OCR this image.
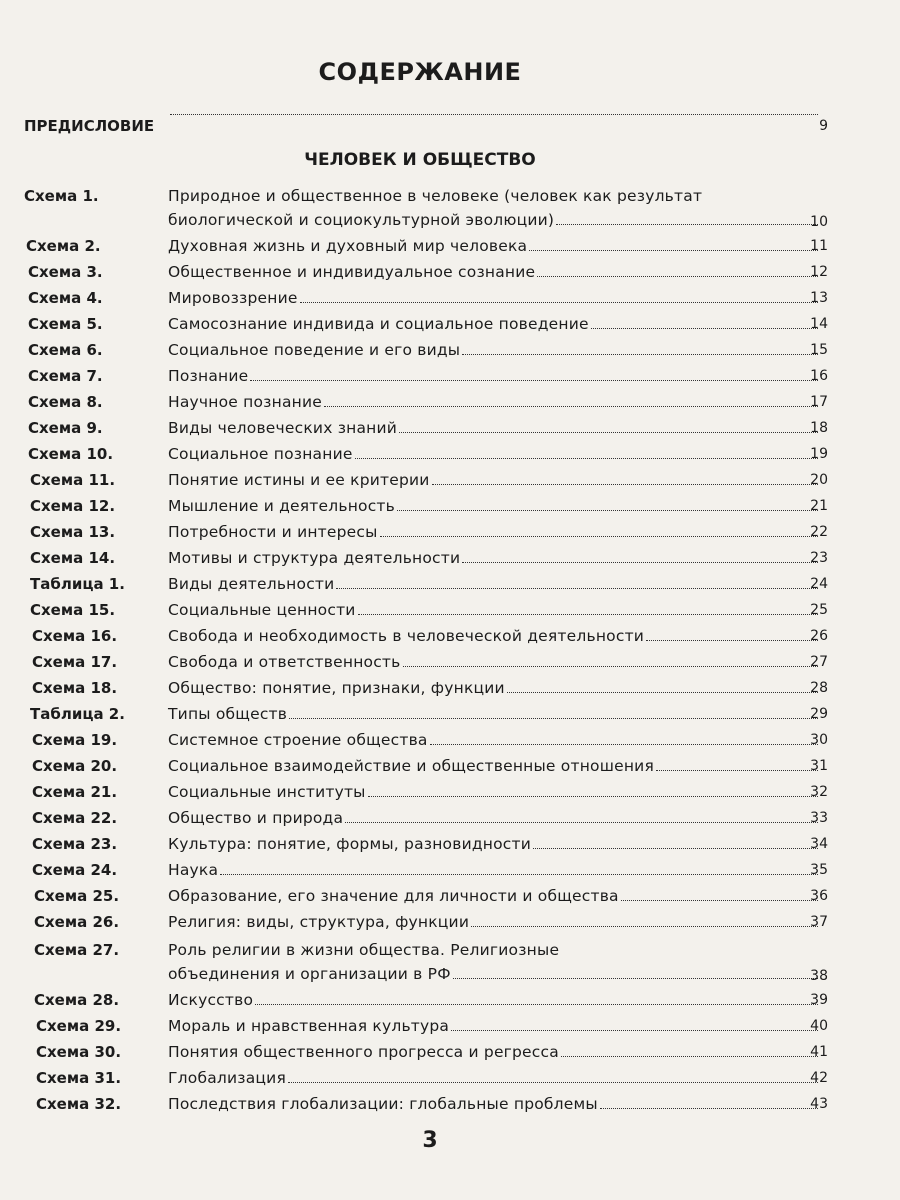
СОДЕРЖАНИЕ
ПРЕДИСЛОВИЕ	9
ЧЕЛОВЕК И ОБЩЕСТВО
Схема 1.	Природное и общественное в человеке (человек как результат
биологической и социокультурной эволюции)	10
Схема 2.	Духовная жизнь и духовный мир человека	11
Схема 3.	Общественное и индивидуальное сознание	12
Схема 4.	Мировоззрение	13
Схема 5.	Самосознание индивида и социальное поведение	14
Схема 6.	Социальное поведение и его виды	15
Схема 7.	Познание	16
Схема 8.	Научное познание	17
Схема 9.	Виды человеческих знаний	18
Схема 10.	Социальное познание	19
Схема 11.	Понятие истины и ее критерии	20
Схема 12.	Мышление и деятельность	21
Схема 13.	Потребности и интересы	22
Схема 14.	Мотивы и структура деятельности	23
Таблица 1.	Виды деятельности	24
Схема 15.	Социальные ценности	25
Схема 16.	Свобода и необходимость в человеческой деятельности	26
Схема 17.	Свобода и ответственность	27
Схема 18.	Общество: понятие, признаки, функции	28
Таблица 2.	Типы обществ	29
Схема 19.	Системное строение общества	30
Схема 20.	Социальное взаимодействие и общественные отношения	31
Схема 21.	Социальные институты	32
Схема 22.	Общество и природа	33
Схема 23.	Культура: понятие, формы, разновидности	34
Схема 24.	Наука	35
Схема 25.	Образование, его значение для личности и общества	36
Схема 26.	Религия: виды, структура, функции	37
Схема 27.	Роль религии в жизни общества. Религиозные
объединения и организации в РФ	38
Схема 28.	Искусство	39
Схема 29.	Мораль и нравственная культура	40
Схема 30.	Понятия общественного прогресса и регресса	41
Схема 31.	Глобализация	42
Схема 32.	Последствия глобализации: глобальные проблемы	43
3
